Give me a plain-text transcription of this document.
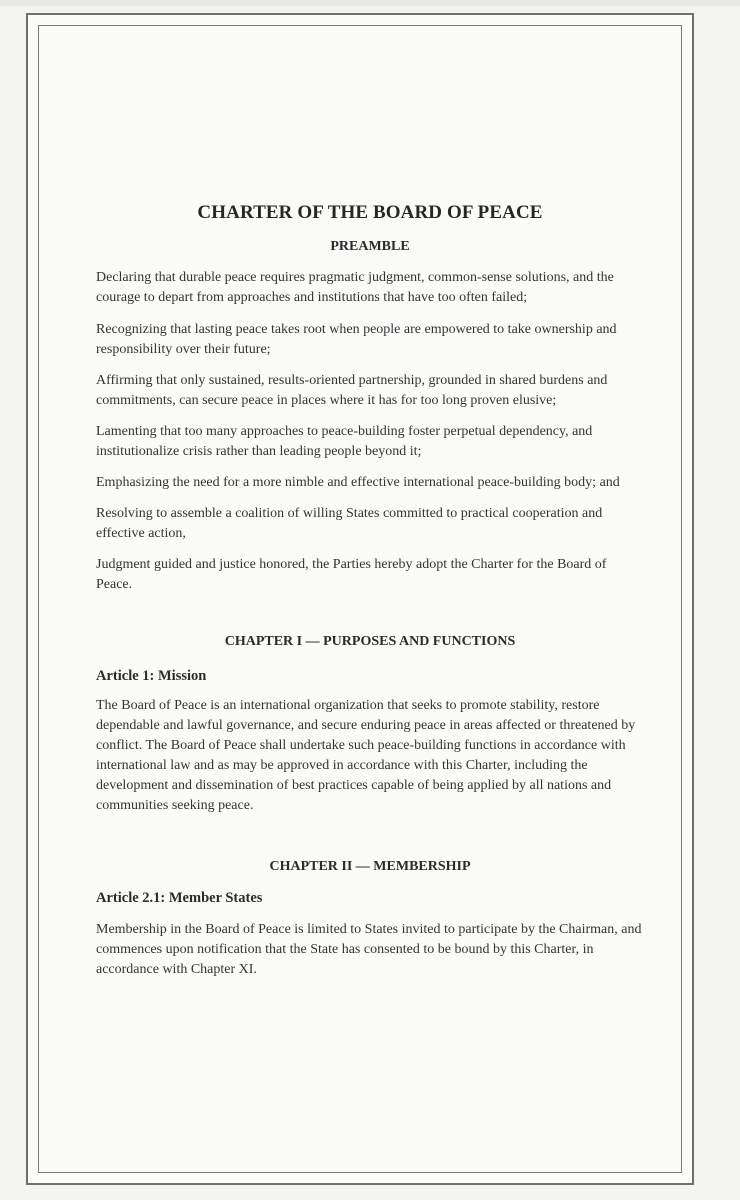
CHARTER OF THE BOARD OF PEACE
PREAMBLE

Declaring that durable peace requires pragmatic judgment, common-sense solutions, and the courage to depart from approaches and institutions that have too often failed;

Recognizing that lasting peace takes root when people are empowered to take ownership and responsibility over their future;

Affirming that only sustained, results-oriented partnership, grounded in shared burdens and commitments, can secure peace in places where it has for too long proven elusive;

Lamenting that too many approaches to peace-building foster perpetual dependency, and institutionalize crisis rather than leading people beyond it;

Emphasizing the need for a more nimble and effective international peace-building body; and

Resolving to assemble a coalition of willing States committed to practical cooperation and effective action,

Judgment guided and justice honored, the Parties hereby adopt the Charter for the Board of Peace.

CHAPTER I — PURPOSES AND FUNCTIONS
Article 1: Mission

The Board of Peace is an international organization that seeks to promote stability, restore dependable and lawful governance, and secure enduring peace in areas affected or threatened by conflict. The Board of Peace shall undertake such peace-building functions in accordance with international law and as may be approved in accordance with this Charter, including the development and dissemination of best practices capable of being applied by all nations and communities seeking peace.

CHAPTER II — MEMBERSHIP
Article 2.1: Member States

Membership in the Board of Peace is limited to States invited to participate by the Chairman, and commences upon notification that the State has consented to be bound by this Charter, in accordance with Chapter XI.
